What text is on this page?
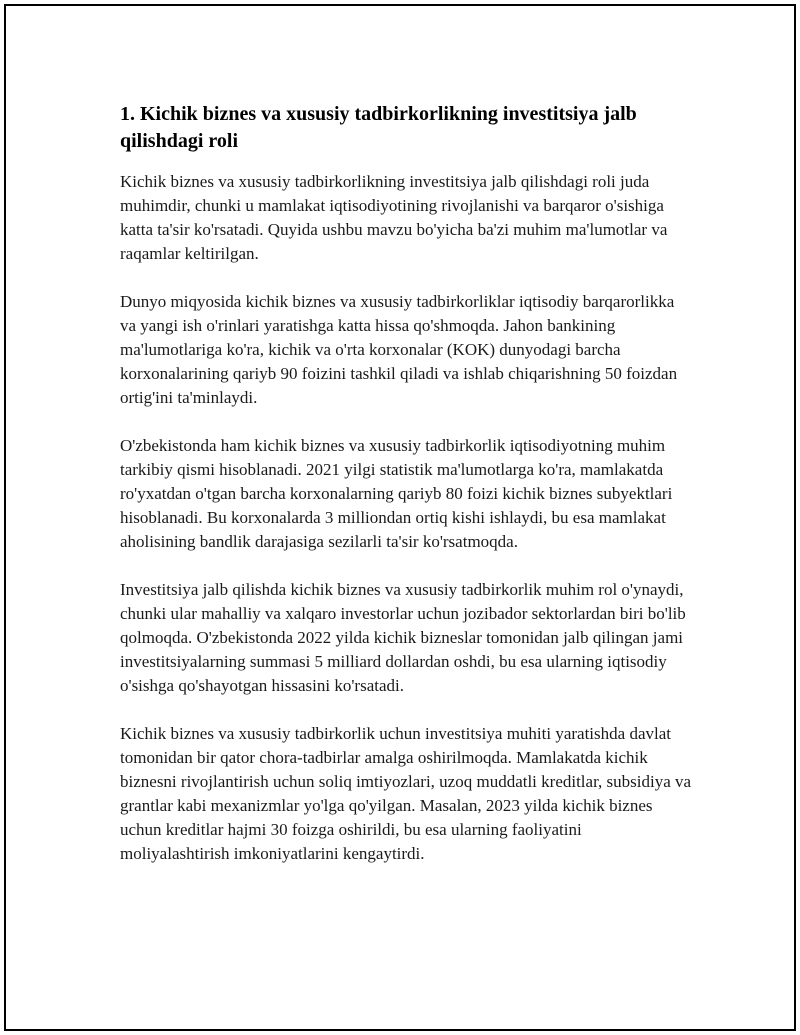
1. Kichik biznes va xususiy tadbirkorlikning investitsiya jalb qilishdagi roli

Kichik biznes va xususiy tadbirkorlikning investitsiya jalb qilishdagi roli juda muhimdir, chunki u mamlakat iqtisodiyotining rivojlanishi va barqaror o'sishiga katta ta'sir ko'rsatadi. Quyida ushbu mavzu bo'yicha ba'zi muhim ma'lumotlar va raqamlar keltirilgan.

Dunyo miqyosida kichik biznes va xususiy tadbirkorliklar iqtisodiy barqarorlikka va yangi ish o'rinlari yaratishga katta hissa qo'shmoqda. Jahon bankining ma'lumotlariga ko'ra, kichik va o'rta korxonalar (KOK) dunyodagi barcha korxonalarining qariyb 90 foizini tashkil qiladi va ishlab chiqarishning 50 foizdan ortig'ini ta'minlaydi.

O'zbekistonda ham kichik biznes va xususiy tadbirkorlik iqtisodiyotning muhim tarkibiy qismi hisoblanadi. 2021 yilgi statistik ma'lumotlarga ko'ra, mamlakatda ro'yxatdan o'tgan barcha korxonalarning qariyb 80 foizi kichik biznes subyektlari hisoblanadi. Bu korxonalarda 3 milliondan ortiq kishi ishlaydi, bu esa mamlakat aholisining bandlik darajasiga sezilarli ta'sir ko'rsatmoqda.

Investitsiya jalb qilishda kichik biznes va xususiy tadbirkorlik muhim rol o'ynaydi, chunki ular mahalliy va xalqaro investorlar uchun jozibador sektorlardan biri bo'lib qolmoqda. O'zbekistonda 2022 yilda kichik bizneslar tomonidan jalb qilingan jami investitsiyalarning summasi 5 milliard dollardan oshdi, bu esa ularning iqtisodiy o'sishga qo'shayotgan hissasini ko'rsatadi.

Kichik biznes va xususiy tadbirkorlik uchun investitsiya muhiti yaratishda davlat tomonidan bir qator chora-tadbirlar amalga oshirilmoqda. Mamlakatda kichik biznesni rivojlantirish uchun soliq imtiyozlari, uzoq muddatli kreditlar, subsidiya va grantlar kabi mexanizmlar yo'lga qo'yilgan. Masalan, 2023 yilda kichik biznes uchun kreditlar hajmi 30 foizga oshirildi, bu esa ularning faoliyatini moliyalashtirish imkoniyatlarini kengaytirdi.
